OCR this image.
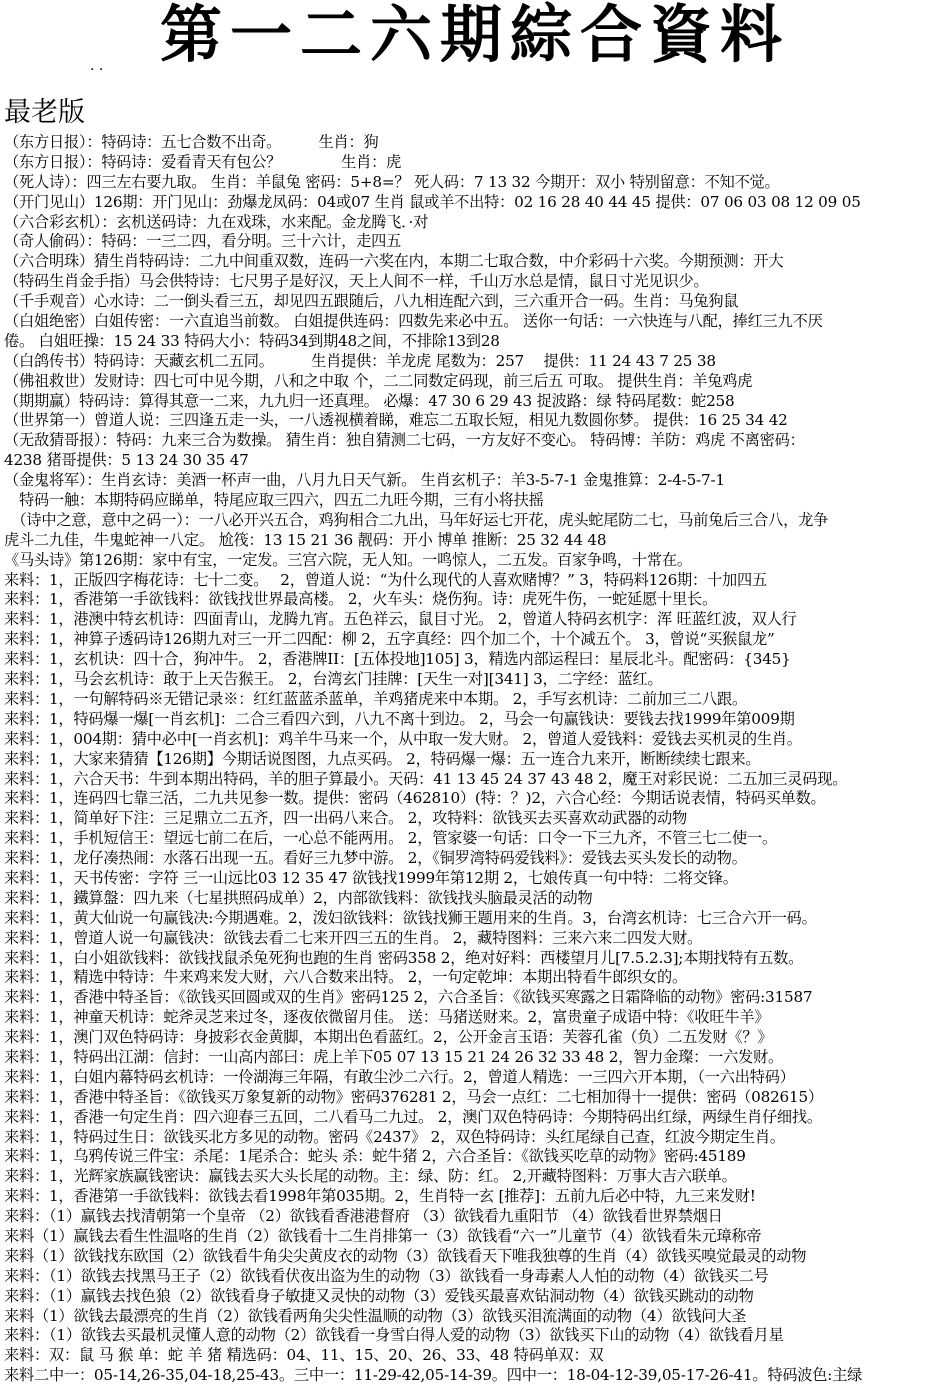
第一二六期綜合資料
· ·
最老版
（东方日报）：特码诗：五七合数不出奇。　　　生肖：狗
（东方日报）：特码诗：爱看青天有包公？　　　　生肖：虎
（死人诗）：四三左右要九取。 生肖：羊鼠兔 密码：5+8=？ 死人码：7 13 32 今期开：双小 特别留意：不知不觉。
（开门见山）126期：开门见山：劲爆龙凤码：04或07 生肖 鼠或羊不出特：02 16 28 40 44 45 提供：07 06 03 08 12 09 05
（六合彩玄机）：玄机送码诗：九在戏珠，水来配。金龙腾飞．·对
（奇人偷码）：特码：一三二四，看分明。三十六计，走四五
（六合明珠）猜生肖特码诗：二九中间重双数，连码一六奖在内，本期二七取合数，中介彩码十六奖。今期预测：开大
（特码生肖金手指）马会供特诗：七尺男子是好汉，天上人间不一样，千山万水总是情，鼠日寸光见识少。
（千手观音）心水诗：二一倒头看三五，却见四五跟随后，八九相连配六到，三六重开合一码。生肖：马兔狗鼠
（白姐绝密）白姐传密：一六直追当前数。 白姐提供连码：四数先来必中五。 送你一句话：一六快连与八配，捧红三九不厌
倦。 白姐旺操：15 24 33 特码大小：特码34到期48之间，不排除13到28
（白鸽传书）特码诗：天藏玄机二五同。　　　生肖提供：羊龙虎 尾数为：257　 提供：11 24 43 7 25 38
（佛祖救世）发财诗：四七可中见今期，八和之中取 个，二二同数定码现，前三后五 可取。 提供生肖：羊兔鸡虎
（期期赢）特码诗：算得其意一二来，九九归一还真理。 必爆：47 30 6 29 43 捉波路：绿 特码尾数：蛇258
（世界第一）曾道人说：三四逢五走一头，一八透视横着睇，难忘二五取长短，相见九数圆你梦。 提供：16 25 34 42
（无敌猜哥报）：特码：九来三合为数操。 猜生肖：独自猜测二七码，一方友好不变心。 特码博：羊防：鸡虎 不离密码：
4238 猪哥提供：5 13 24 30 35 47
（金鬼将军）：生肖玄诗：美酒一杯声一曲，八月九日天气新。 生肖玄机子：羊3-5-7-1 金鬼推算：2-4-5-7-1
　特码一触：本期特码应睇单，特尾应取三四六，四五二九旺今期，三有小将扶摇
　（诗中之意，意中之码一）：一八必开兴五合，鸡狗相合二九出，马年好运七开花，虎头蛇尾防二七，马前兔后三合八，龙争
虎斗二九佳，牛鬼蛇神一八定。 尬筏：13 15 21 36 靓码：开小 博单 推断：25 32 44 48
《马头诗》第126期：家中有宝，一定发。三宫六院，无人知。一鸣惊人，二五发。百家争鸣，十常在。
来料：1，正版四字梅花诗：七十二变。　 2，曾道人说：“为什么现代的人喜欢赌博？” 3，特码料126期：十加四五
来料：1，香港第一手欲钱料：欲钱找世界最高楼。 2，火车头：烧伤狗。诗：虎死牛伤，一蛇延愿十里长。
来料：1，港澳中特玄机诗：四面青山，龙腾九宵。五色祥云，鼠目寸光。 2，曾道人特码玄机字：浑 旺蓝红波，双人行
来料：1，神算子透码诗126期九对三一开二四配：柳 2，五字真经：四个加二个，十个减五个。 3，曾说“买猴鼠龙”
来料：1，玄机诀：四十合，狗冲牛。 2，香港牌II：[五体投地]105] 3，精选内部运程曰：星辰北斗。配密码：{345}
来料：1，马会玄机诗：敢于上天告猴王。 2，台湾玄门挂牌：[天生一对][341] 3，二字经：蓝红。
来料：1，一句解特码※无错记录※：红红蓝蓝杀蓝单，羊鸡猪虎来中本期。 2，手写玄机诗：二前加三二八跟。
来料：1，特码爆一爆[一肖玄机]：二合三看四六到，八九不离十到边。 2，马会一句赢钱诀：要钱去找1999年第009期
来料：1，004期：猜中必中[一肖玄机]：鸡羊牛马来一个，从中取一发大财。 2，曾道人爱钱料：爱钱去买机灵的生肖。
来料：1，大家来猜猜【126期】今期话说图图，九点买码。 2，特码爆一爆：五一连合九来开，断断续续七跟来。
来料：1，六合天书：牛到本期出特码，羊的胆子算最小。天码：41 13 45 24 37 43 48 2，魔王对彩民说：二五加三灵码现。
来料：1，连码四七靠三活，二九共见参一数。提供：密码（462810）(特：？)2，六合心经：今期话说表情，特码买单数。
来料：1，简单好下注：三足鼎立二五齐，四一出码八来合。 2，攻特料：欲钱买去买喜欢动武器的动物
来料：1，手机短信王：望远七前二在后，一心总不能两用。 2，管家婆一句话：口令一下三九齐，不管三七二使一。
来料：1，龙仔凑热闹：水落石出现一五。看好三九梦中游。 2，《铜罗湾特码爱钱料》：爱钱去买头发长的动物。
来料：1，天书传密：字符 三一山远比03 12 35 47 欲钱找1999年第12期 2，七娘传真一句中特：二将交锋。
来料：1，鐵算盤：四九来（七星拱照码成单）2，内部欲钱料：欲钱找头脑最灵活的动物
来料：1，黄大仙说一句赢钱决:今期遇难。2，泼妇欲钱料：欲钱找狮王题用来的生肖。3，台湾玄机诗：七三合六开一码。
来料：1，曾道人说一句赢钱决：欲钱去看二七来开四三五的生肖。 2，藏特图料：三来六来二四发大财。
来料：1，白小姐欲钱料：欲钱找鼠杀兔死狗也跑的生肖 密码358 2，绝对好料：西楼望月儿[7.5.2.3];本期找特有五数。
来料：1，精选中特诗：牛来鸡来发大财，六八合数来出特。 2，一句定乾坤：本期出特看牛郎织女的。
来料：1，香港中特圣旨：《欲钱买回圆或双的生肖》密码125 2，六合圣旨：《欲钱买寒露之日霜降临的动物》密码:31587
来料：1，神童天机诗：蛇斧灵芝来过冬，逐夜依微留月佳。 送：马猪送财来。2，富贵童子成语中特：《收旺牛羊》
来料：1，澳门双色特码诗：身披彩衣金黄脚，本期出色看蓝红。2，公开金言玉语：芙蓉孔雀（负）二五发财《？》
来料：1，特码出江湖：信封：一山高内部曰：虎上羊下05 07 13 15 21 24 26 32 33 48 2，智力金璨：一六发财。
来料：1，白姐内幕特码玄机诗：一伶湖海三年隔，有敢尘沙二六行。2，曾道人精选：一三四六开本期，（一六出特码）
来料：1，香港中特圣旨：《欲钱买万象复新的动物》密码376281 2，马会一点红：二七相加得十一提供：密码（082615）
来料：1，香港一句定生肖：四六迎春三五回，二八看马二九过。 2，澳门双色特码诗：今期特码出红绿，两绿生肖仔细找。
来料：1，特码过生日：欲钱买北方多见的动物。密码《2437》 2，双色特码诗：头红尾绿自己查，红波今期定生肖。
来料：1，乌鸦传说三件宝：杀尾：1尾杀合：蛇头 杀：蛇牛猪 2，六合圣旨：《欲钱买吃草的动物》密码:45189
来料：1，光辉家族赢钱密诀：赢钱去买大头长尾的动物。主：绿、防：红。 2,开藏特图料：万事大吉六联单。
来料：1，香港第一手欲钱料：欲钱去看1998年第035期。2，生肖特一玄 [推荐]：五前九后必中特，九三来发财!
来料：（1）赢钱去找清朝第一个皇帝 （2）欲钱看香港港督府 （3）欲钱看九重阳节 （4）欲钱看世界禁烟日
来料（1）赢钱去看生性温咯的生肖（2）欲钱看十二生肖排第一（3）欲钱看“六一”儿童节（4）欲钱看朱元璋称帝
来料（1）欲钱找东欧国（2）欲钱看牛角尖尖黄皮衣的动物（3）欲钱看天下唯我独尊的生肖（4）欲钱买嗅觉最灵的动物
来料：（1）欲钱去找黑马王子（2）欲钱看伏夜出盗为生的动物（3）欲钱看一身毒素人人怕的动物（4）欲钱买二号
来料：（1）赢钱去找色狼（2）欲钱看身子敏捷又灵快的动物（3）爱钱买最喜欢钻洞动物（4）欲钱买跳动的动物
来料（1）欲钱去最漂亮的生肖（2）欲钱看两角尖尖性温顺的动物（3）欲钱买泪流满面的动物（4）欲钱问大圣
来料：（1）欲钱去买最机灵懂人意的动物（2）欲钱看一身雪白得人爱的动物（3）欲钱买下山的动物（4）欲钱看月星
来料：双：鼠 马 猴 单：蛇 羊 猪 精选码：04、11、15、20、26、33、48 特码单双：双
来料二中一：05-14,26-35,04-18,25-43。三中一：11-29-42,05-14-39。四中一：18-04-12-39,05-17-26-41。特码波色:主绿
